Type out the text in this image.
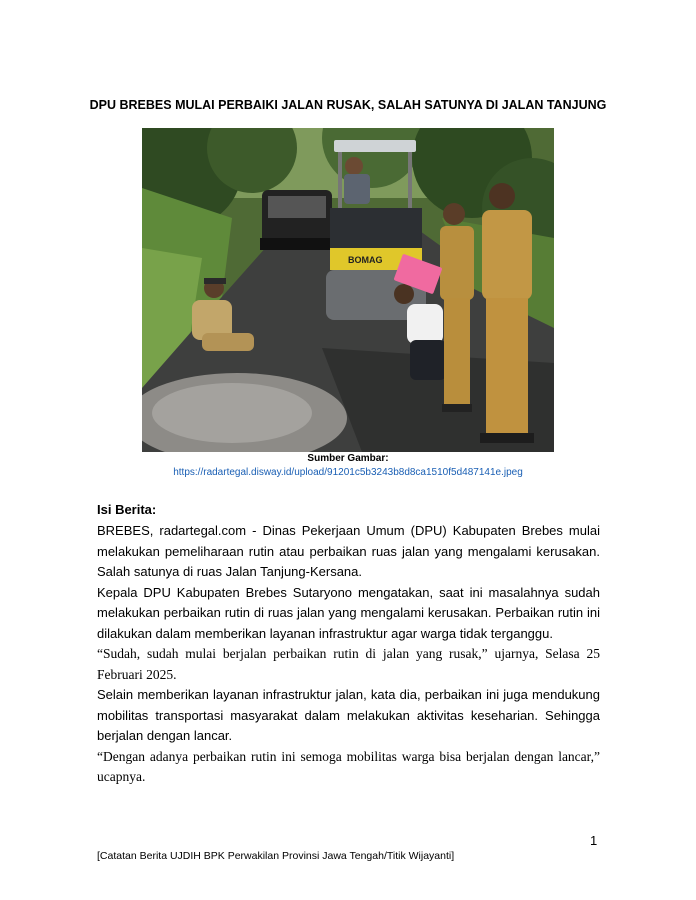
DPU BREBES MULAI PERBAIKI JALAN RUSAK, SALAH SATUNYA DI JALAN TANJUNG
BOMAG
Sumber Gambar:
https://radartegal.disway.id/upload/91201c5b3243b8d8ca1510f5d487141e.jpeg
Isi Berita:

BREBES, radartegal.com - Dinas Pekerjaan Umum (DPU) Kabupaten Brebes mulai melakukan pemeliharaan rutin atau perbaikan ruas jalan yang mengalami kerusakan. Salah satunya di ruas Jalan Tanjung-Kersana.

Kepala DPU Kabupaten Brebes Sutaryono mengatakan, saat ini masalahnya sudah melakukan perbaikan rutin di ruas jalan yang mengalami kerusakan. Perbaikan rutin ini dilakukan dalam memberikan layanan infrastruktur agar warga tidak terganggu.

“Sudah, sudah mulai berjalan perbaikan rutin di jalan yang rusak,” ujarnya, Selasa 25 Februari 2025.

Selain memberikan layanan infrastruktur jalan, kata dia, perbaikan ini juga mendukung mobilitas transportasi masyarakat dalam melakukan aktivitas keseharian. Sehingga berjalan dengan lancar.

“Dengan adanya perbaikan rutin ini semoga mobilitas warga bisa berjalan dengan lancar,” ucapnya.

1
[Catatan Berita UJDIH BPK Perwakilan Provinsi Jawa Tengah/Titik Wijayanti]
